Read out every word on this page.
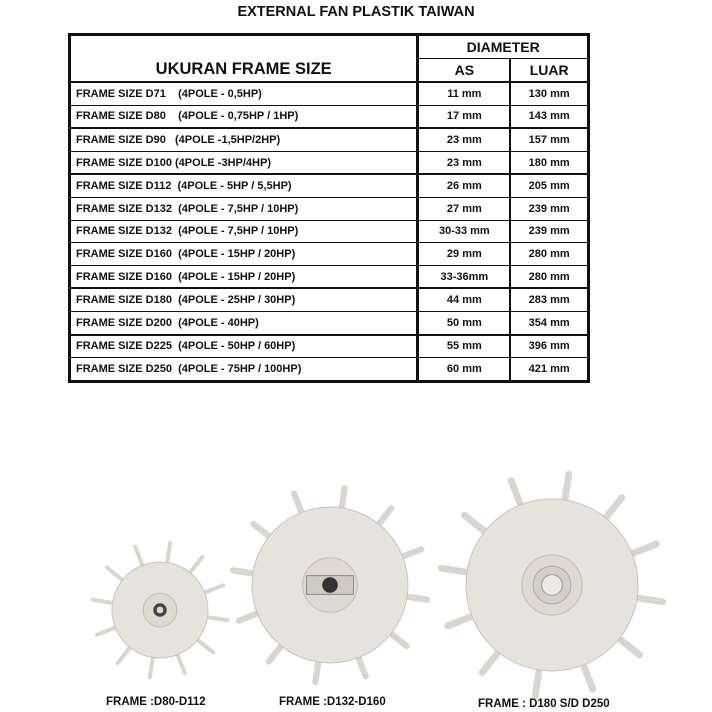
EXTERNAL FAN PLASTIK TAIWAN
UKURAN FRAME SIZE	DIAMETER	
	AS	LUAR
FRAME SIZE D71    (4POLE - 0,5HP)	11 mm	130 mm
FRAME SIZE D80    (4POLE - 0,75HP / 1HP)	17 mm	143 mm
FRAME SIZE D90   (4POLE -1,5HP/2HP)	23 mm	157 mm
FRAME SIZE D100 (4POLE -3HP/4HP)	23 mm	180 mm
FRAME SIZE D112  (4POLE - 5HP / 5,5HP)	26 mm	205 mm
FRAME SIZE D132  (4POLE - 7,5HP / 10HP)	27 mm	239 mm
FRAME SIZE D132  (4POLE - 7,5HP / 10HP)	30-33 mm	239 mm
FRAME SIZE D160  (4POLE - 15HP / 20HP)	29 mm	280 mm
FRAME SIZE D160  (4POLE - 15HP / 20HP)	33-36mm	280 mm
FRAME SIZE D180  (4POLE - 25HP / 30HP)	44 mm	283 mm
FRAME SIZE D200  (4POLE - 40HP)	50 mm	354 mm
FRAME SIZE D225  (4POLE - 50HP / 60HP)	55 mm	396 mm
FRAME SIZE D250  (4POLE - 75HP / 100HP)	60 mm	421 mm
FRAME :D80-D112	FRAME :D132-D160	FRAME : D180 S/D D250
